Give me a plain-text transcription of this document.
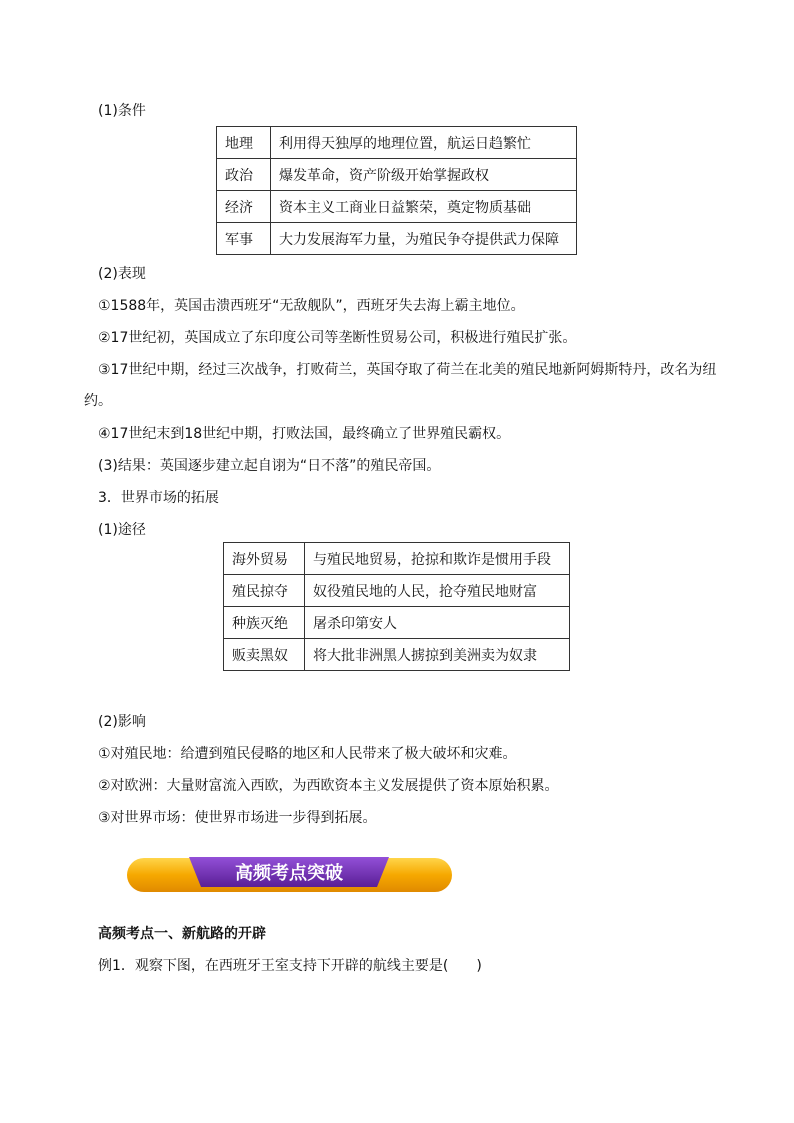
(1)条件
地理	利用得天独厚的地理位置，航运日趋繁忙
政治	爆发革命，资产阶级开始掌握政权
经济	资本主义工商业日益繁荣，奠定物质基础
军事	大力发展海军力量，为殖民争夺提供武力保障
(2)表现
①1588年，英国击溃西班牙“无敌舰队”，西班牙失去海上霸主地位。
②17世纪初，英国成立了东印度公司等垄断性贸易公司，积极进行殖民扩张。
③17世纪中期，经过三次战争，打败荷兰，英国夺取了荷兰在北美的殖民地新阿姆斯特丹，改名为纽
约。
④17世纪末到18世纪中期，打败法国，最终确立了世界殖民霸权。
(3)结果：英国逐步建立起自诩为“日不落”的殖民帝国。
3．世界市场的拓展
(1)途径
海外贸易	与殖民地贸易，抢掠和欺诈是惯用手段
殖民掠夺	奴役殖民地的人民，抢夺殖民地财富
种族灭绝	屠杀印第安人
贩卖黑奴	将大批非洲黑人掳掠到美洲卖为奴隶
(2)影响
①对殖民地：给遭到殖民侵略的地区和人民带来了极大破坏和灾难。
②对欧洲：大量财富流入西欧，为西欧资本主义发展提供了资本原始积累。
③对世界市场：使世界市场进一步得到拓展。
高频考点突破
高频考点一、新航路的开辟
例1．观察下图，在西班牙王室支持下开辟的航线主要是(　　)
